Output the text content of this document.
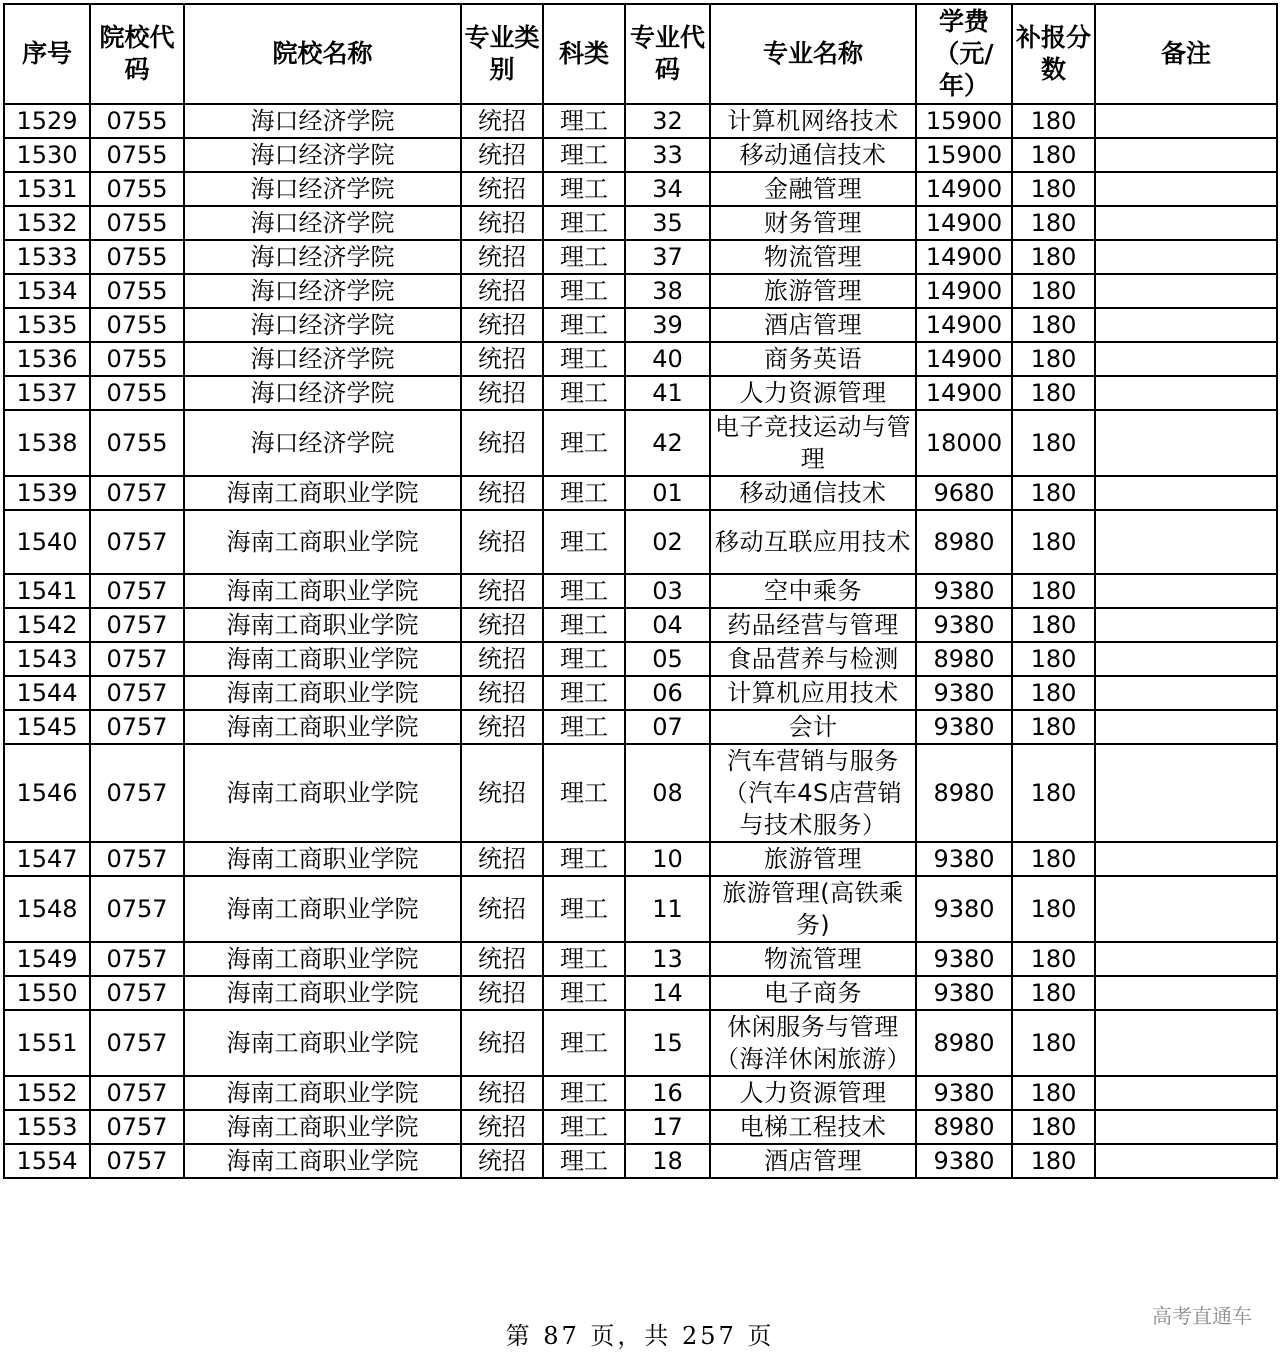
序号	院校代码	院校名称	专业类别	科类	专业代码	专业名称	学费（元/年）	补报分数	备注
1529	0755	海口经济学院	统招	理工	32	计算机网络技术	15900	180	
1530	0755	海口经济学院	统招	理工	33	移动通信技术	15900	180	
1531	0755	海口经济学院	统招	理工	34	金融管理	14900	180	
1532	0755	海口经济学院	统招	理工	35	财务管理	14900	180	
1533	0755	海口经济学院	统招	理工	37	物流管理	14900	180	
1534	0755	海口经济学院	统招	理工	38	旅游管理	14900	180	
1535	0755	海口经济学院	统招	理工	39	酒店管理	14900	180	
1536	0755	海口经济学院	统招	理工	40	商务英语	14900	180	
1537	0755	海口经济学院	统招	理工	41	人力资源管理	14900	180	
1538	0755	海口经济学院	统招	理工	42	电子竞技运动与管理	18000	180	
1539	0757	海南工商职业学院	统招	理工	01	移动通信技术	9680	180	
1540	0757	海南工商职业学院	统招	理工	02	移动互联应用技术	8980	180	
1541	0757	海南工商职业学院	统招	理工	03	空中乘务	9380	180	
1542	0757	海南工商职业学院	统招	理工	04	药品经营与管理	9380	180	
1543	0757	海南工商职业学院	统招	理工	05	食品营养与检测	8980	180	
1544	0757	海南工商职业学院	统招	理工	06	计算机应用技术	9380	180	
1545	0757	海南工商职业学院	统招	理工	07	会计	9380	180	
1546	0757	海南工商职业学院	统招	理工	08	汽车营销与服务（汽车4S店营销与技术服务）	8980	180	
1547	0757	海南工商职业学院	统招	理工	10	旅游管理	9380	180	
1548	0757	海南工商职业学院	统招	理工	11	旅游管理(高铁乘务)	9380	180	
1549	0757	海南工商职业学院	统招	理工	13	物流管理	9380	180	
1550	0757	海南工商职业学院	统招	理工	14	电子商务	9380	180	
1551	0757	海南工商职业学院	统招	理工	15	休闲服务与管理（海洋休闲旅游）	8980	180	
1552	0757	海南工商职业学院	统招	理工	16	人力资源管理	9380	180	
1553	0757	海南工商职业学院	统招	理工	17	电梯工程技术	8980	180	
1554	0757	海南工商职业学院	统招	理工	18	酒店管理	9380	180	
第 87 页，共 257 页
高考直通车
